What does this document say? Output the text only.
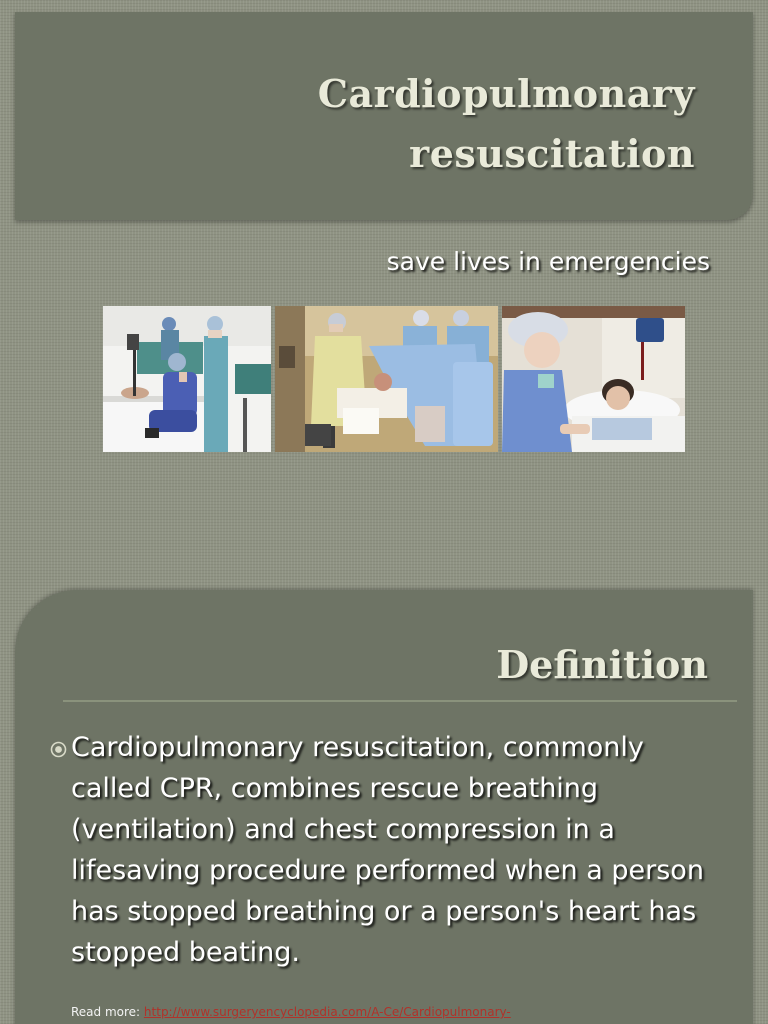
Cardiopulmonary
resuscitation
save lives in emergencies
Definition

Cardiopulmonary resuscitation, commonly called CPR, combines rescue breathing (ventilation) and chest compression in a lifesaving procedure performed when a person has stopped breathing or a person's heart has stopped beating.

Read more: http://www.surgeryencyclopedia.com/A-Ce/Cardiopulmonary-
